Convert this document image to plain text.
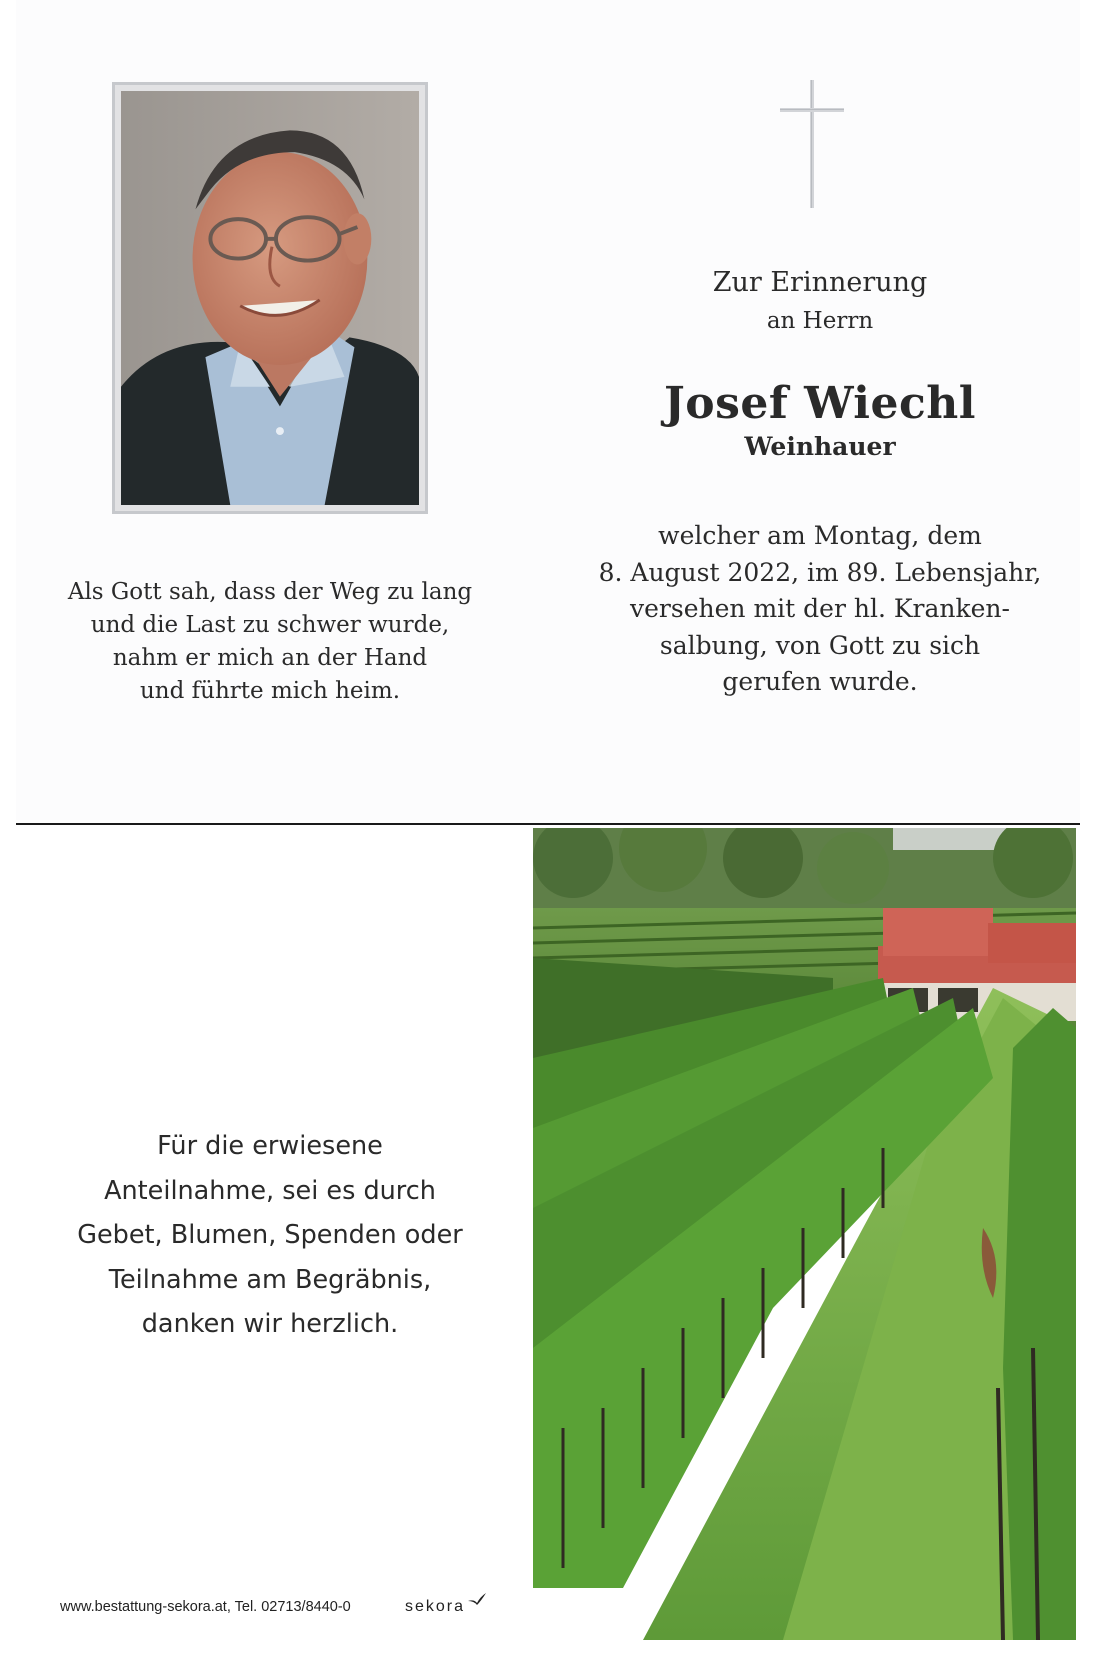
Zur Erinnerung
an Herrn
Josef Wiechl
Weinhauer
welcher am Montag, dem
8. August 2022, im 89. Lebensjahr,
versehen mit der hl. Kranken-
salbung, von Gott zu sich
gerufen wurde.
Als Gott sah, dass der Weg zu lang
und die Last zu schwer wurde,
nahm er mich an der Hand
und führte mich heim.
Für die erwiesene
Anteilnahme, sei es durch
Gebet, Blumen, Spenden oder
Teilnahme am Begräbnis,
danken wir herzlich.
www.bestattung-sekora.at, Tel. 02713/8440-0	sekora
